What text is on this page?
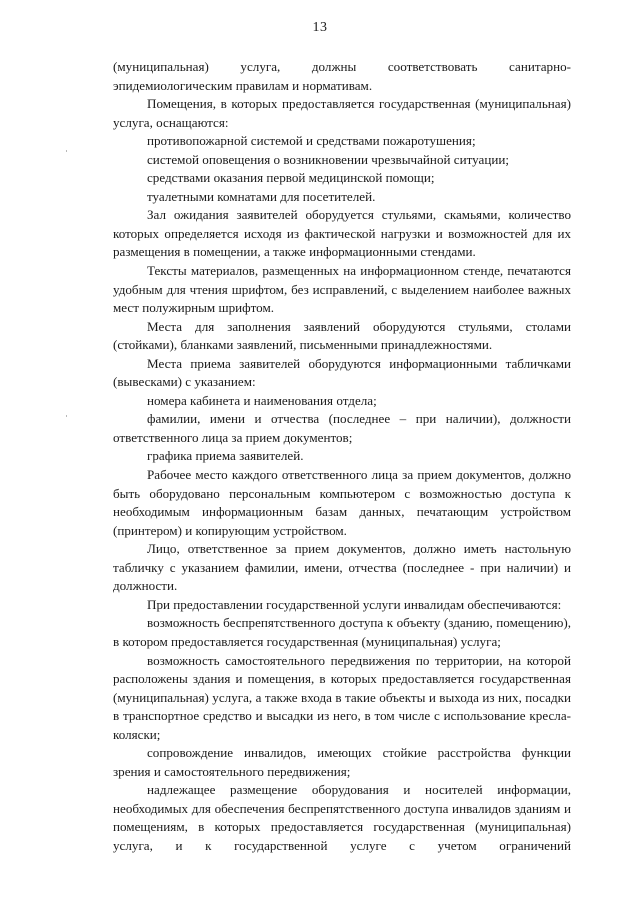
13

(муниципальная) услуга, должны соответствовать санитарно-эпидемиологическим правилам и нормативам.

Помещения, в которых предоставляется государственная (муниципальная) услуга, оснащаются:

противопожарной системой и средствами пожаротушения;

системой оповещения о возникновении чрезвычайной ситуации;

средствами оказания первой медицинской помощи;

туалетными комнатами для посетителей.

Зал ожидания заявителей оборудуется стульями, скамьями, количество которых определяется исходя из фактической нагрузки и возможностей для их размещения в помещении, а также информационными стендами.

Тексты материалов, размещенных на информационном стенде, печатаются удобным для чтения шрифтом, без исправлений, с выделением наиболее важных мест полужирным шрифтом.

Места для заполнения заявлений оборудуются стульями, столами (стойками), бланками заявлений, письменными принадлежностями.

Места приема заявителей оборудуются информационными табличками (вывесками) с указанием:

номера кабинета и наименования отдела;

фамилии, имени и отчества (последнее – при наличии), должности ответственного лица за прием документов;

графика приема заявителей.

Рабочее место каждого ответственного лица за прием документов, должно быть оборудовано персональным компьютером с возможностью доступа к необходимым информационным базам данных, печатающим устройством (принтером) и копирующим устройством.

Лицо, ответственное за прием документов, должно иметь настольную табличку с указанием фамилии, имени, отчества (последнее - при наличии) и должности.

При предоставлении государственной услуги инвалидам обеспечиваются:

возможность беспрепятственного доступа к объекту (зданию, помещению), в котором предоставляется государственная (муниципальная) услуга;

возможность самостоятельного передвижения по территории, на которой расположены здания и помещения, в которых предоставляется государственная (муниципальная) услуга, а также входа в такие объекты и выхода из них, посадки в транспортное средство и высадки из него, в том числе с использование кресла-коляски;

сопровождение инвалидов, имеющих стойкие расстройства функции зрения и самостоятельного передвижения;

надлежащее размещение оборудования и носителей информации, необходимых для обеспечения беспрепятственного доступа инвалидов зданиям и помещениям, в которых предоставляется государственная (муниципальная) услуга, и к государственной услуге с учетом ограничений
